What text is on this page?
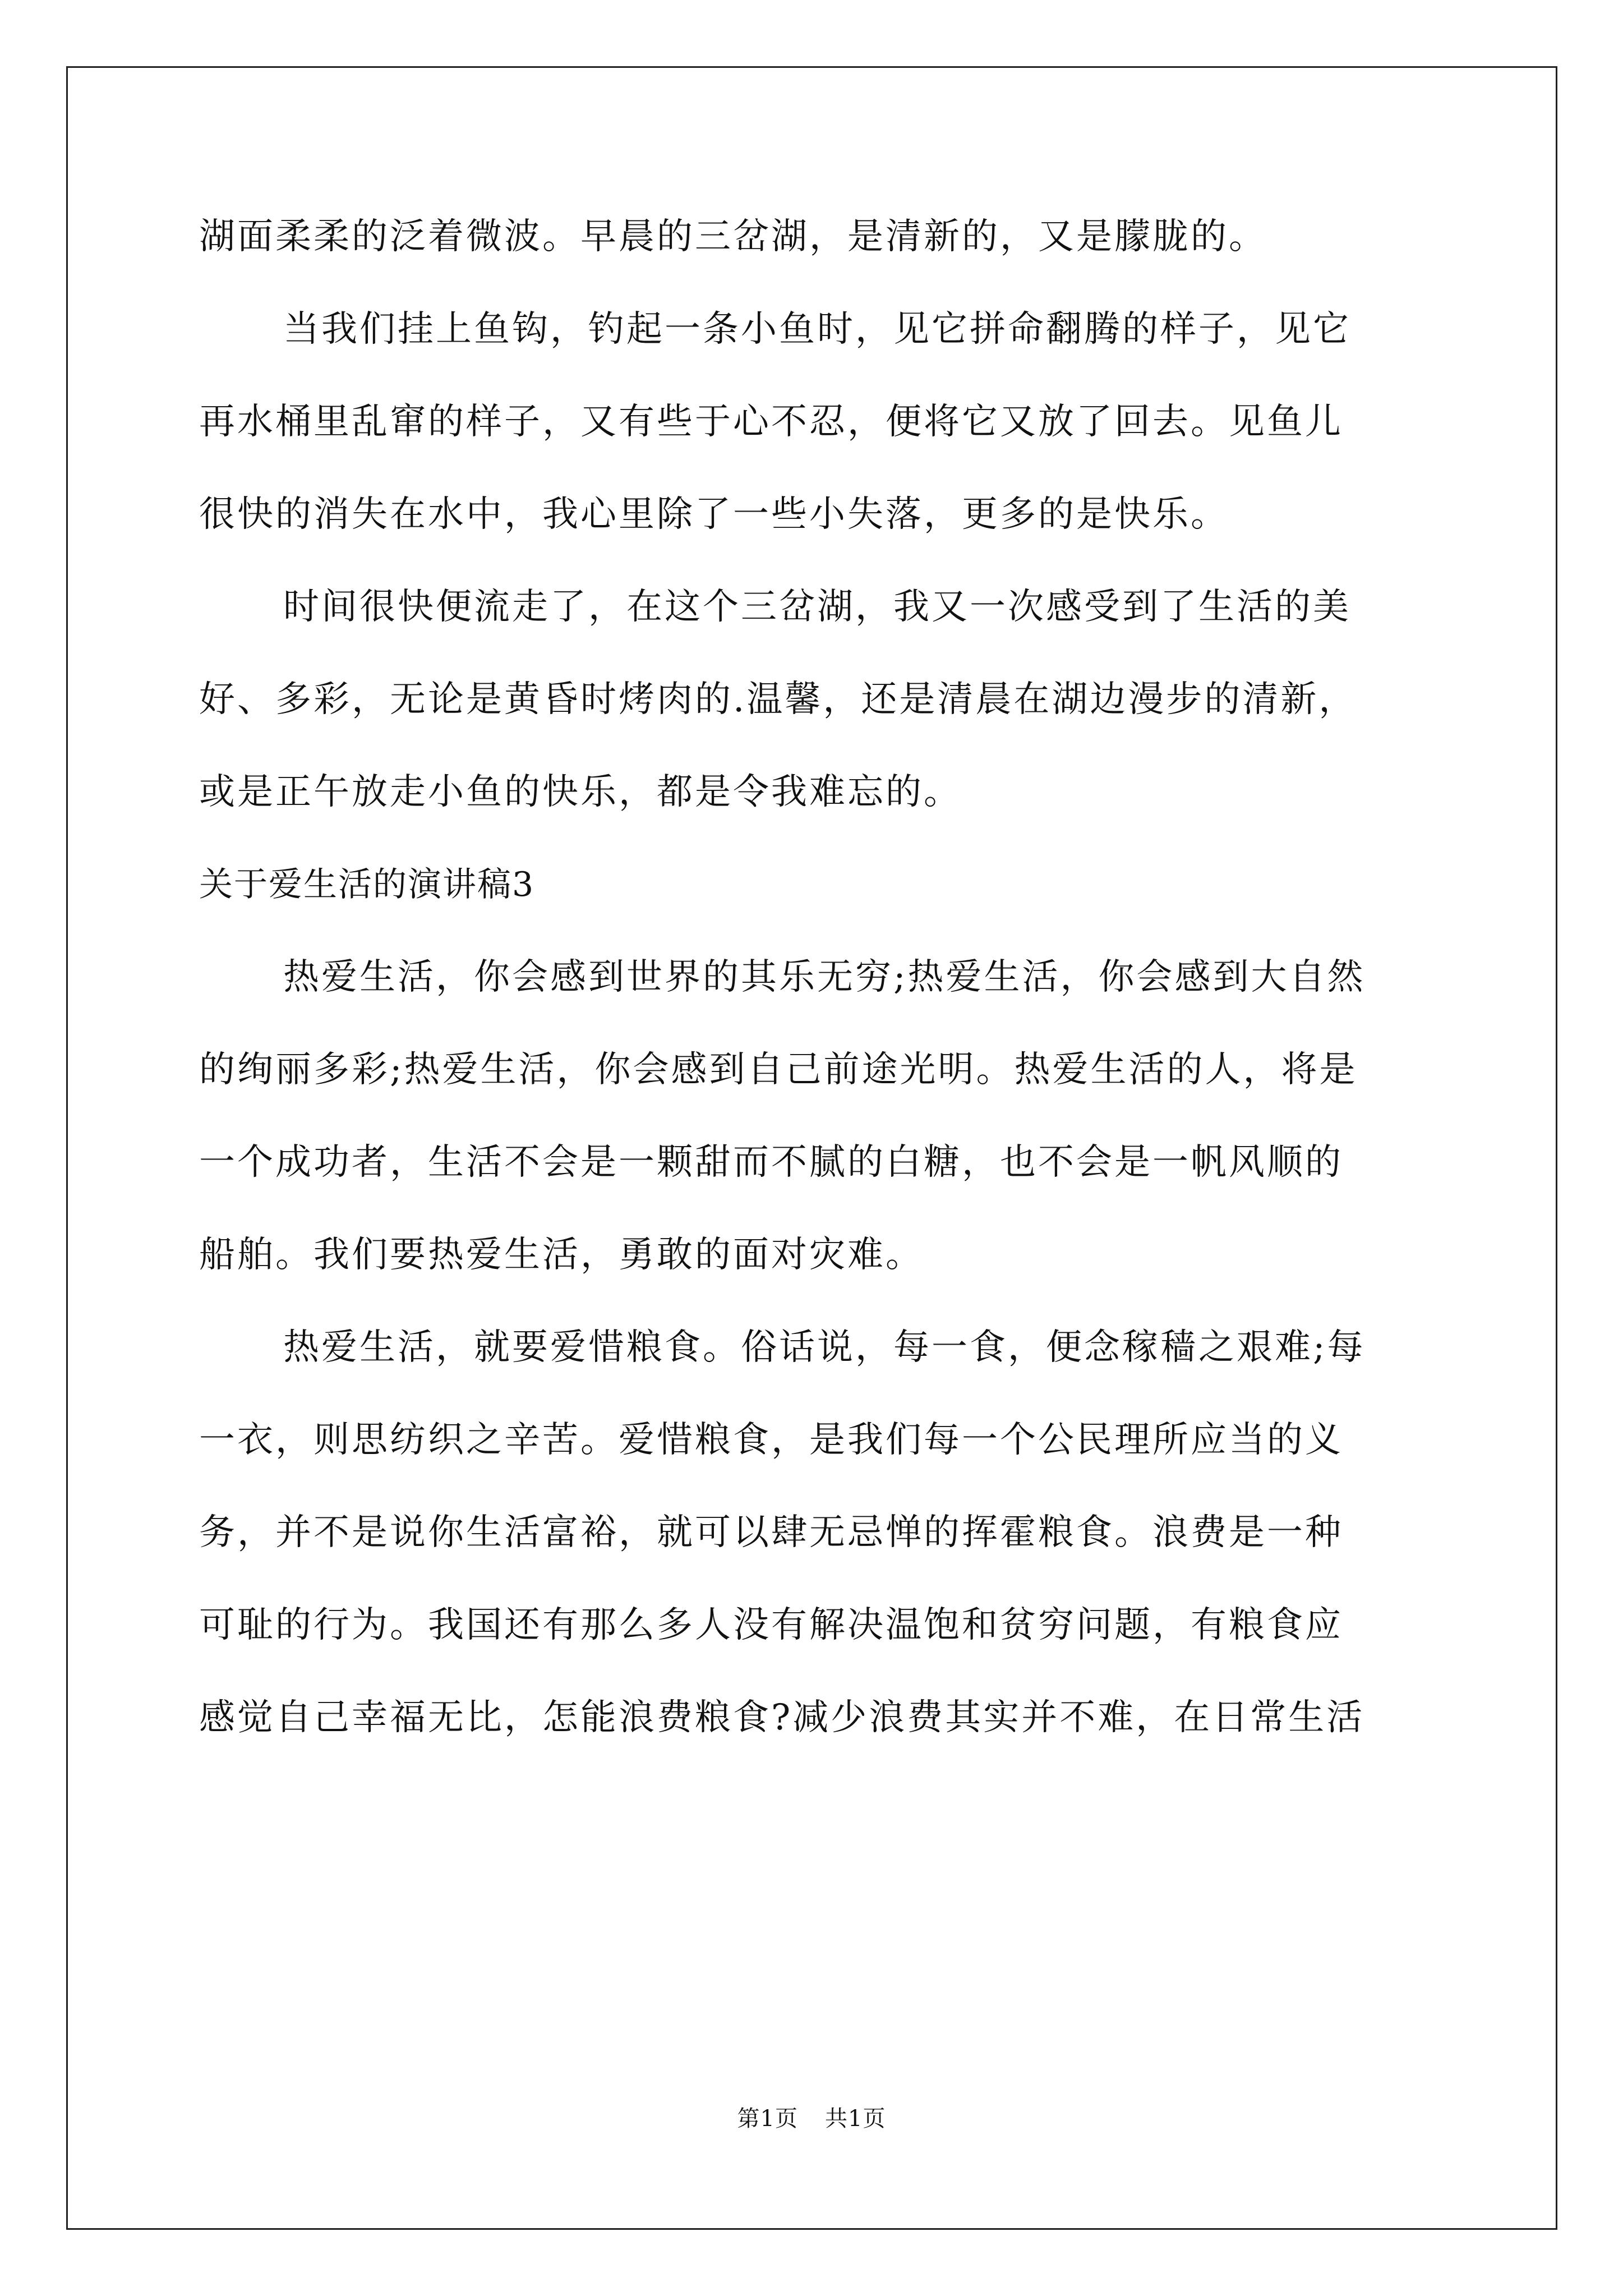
湖面柔柔的泛着微波。早晨的三岔湖，是清新的，又是朦胧的。
当我们挂上鱼钩，钓起一条小鱼时，见它拼命翻腾的样子，见它
再水桶里乱窜的样子，又有些于心不忍，便将它又放了回去。见鱼儿
很快的消失在水中，我心里除了一些小失落，更多的是快乐。
时间很快便流走了，在这个三岔湖，我又一次感受到了生活的美
好、多彩，无论是黄昏时烤肉的.温馨，还是清晨在湖边漫步的清新，
或是正午放走小鱼的快乐，都是令我难忘的。
关于爱生活的演讲稿3
热爱生活，你会感到世界的其乐无穷;热爱生活，你会感到大自然
的绚丽多彩;热爱生活，你会感到自己前途光明。热爱生活的人，将是
一个成功者，生活不会是一颗甜而不腻的白糖，也不会是一帆风顺的
船舶。我们要热爱生活，勇敢的面对灾难。
热爱生活，就要爱惜粮食。俗话说，每一食，便念稼穑之艰难;每
一衣，则思纺织之辛苦。爱惜粮食，是我们每一个公民理所应当的义
务，并不是说你生活富裕，就可以肆无忌惮的挥霍粮食。浪费是一种
可耻的行为。我国还有那么多人没有解决温饱和贫穷问题，有粮食应
感觉自己幸福无比，怎能浪费粮食?减少浪费其实并不难，在日常生活
第1页 共1页
